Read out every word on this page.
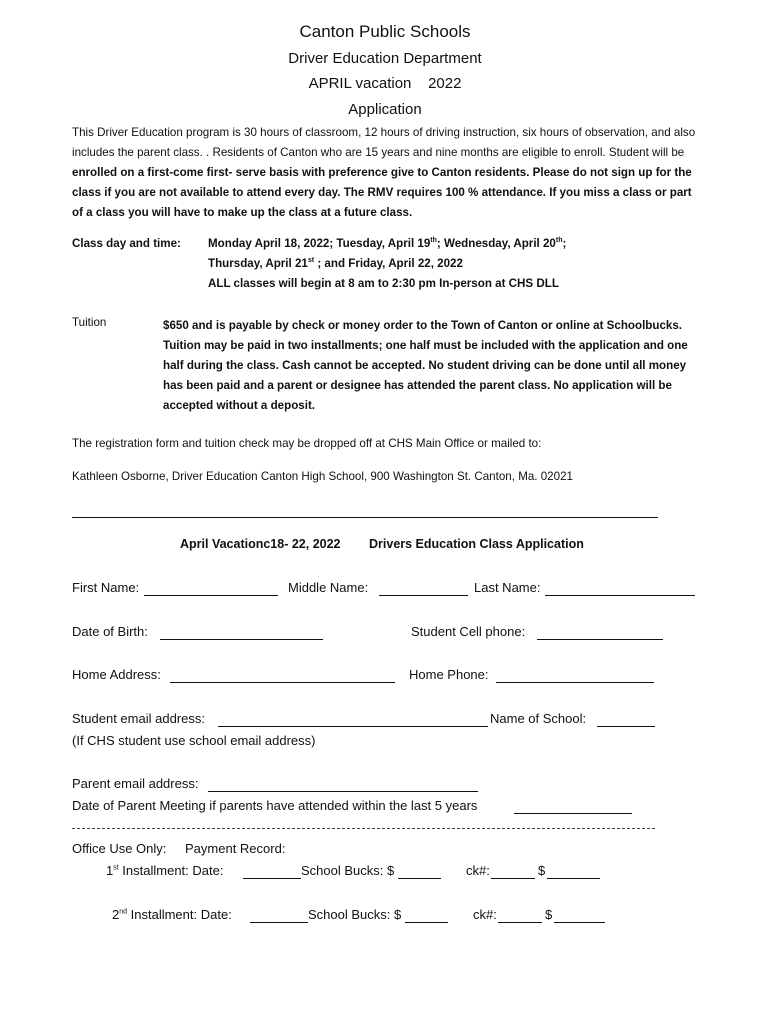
Canton Public Schools
Driver Education Department
APRIL vacation    2022
Application
This Driver Education program is 30 hours of classroom, 12 hours of driving instruction, six hours of observation, and also includes the parent class. . Residents of Canton who are 15 years and nine months are eligible to enroll. Student will be enrolled on a first-come first- serve basis with preference give to Canton residents. Please do not sign up for the class if you are not available to attend every day. The RMV requires 100 % attendance. If you miss a class or part of a class you will have to make up the class at a future class.
Class day and time: Monday April 18, 2022; Tuesday, April 19th; Wednesday, April 20th;
Thursday, April 21st ; and Friday, April 22, 2022
ALL classes will begin at 8 am to 2:30 pm In-person at CHS DLL
Tuition	$650 and is payable by check or money order to the Town of Canton or online at Schoolbucks. Tuition may be paid in two installments; one half must be included with the application and one half during the class. Cash cannot be accepted. No student driving can be done until all money has been paid and a parent or designee has attended the parent class. No application will be accepted without a deposit.
The registration form and tuition check may be dropped off at CHS Main Office or mailed to:
Kathleen Osborne, Driver Education Canton High School, 900 Washington St. Canton, Ma. 02021
April Vacationc18- 22, 2022 Drivers Education Class Application
First Name:	Middle Name:	Last Name:
Date of Birth:	Student Cell phone:
Home Address:	Home Phone:
Student email address:	Name of School:
(If CHS student use school email address)
Parent email address:
Date of Parent Meeting if parents have attended within the last 5 years
Office Use Only: Payment Record:
1st Installment: Date:	School Bucks: $	ck#:	$
2nd Installment: Date:	School Bucks: $	ck#:	$
